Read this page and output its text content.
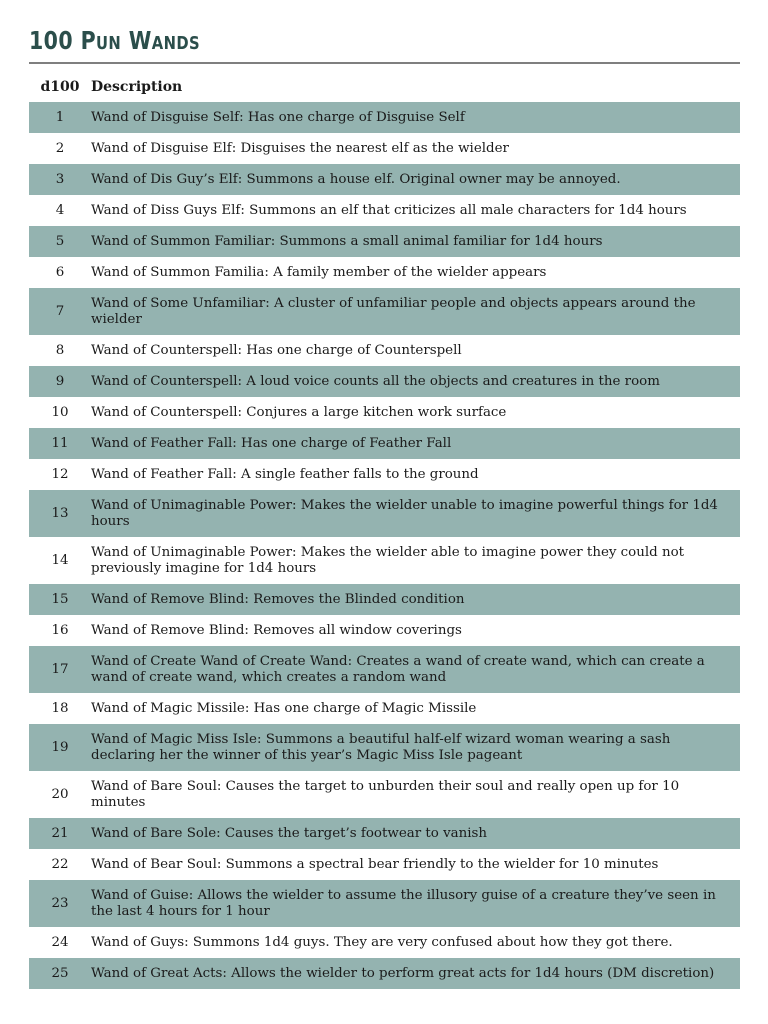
100 Pun Wands
d100	Description
1	Wand of Disguise Self: Has one charge of Disguise Self
2	Wand of Disguise Elf: Disguises the nearest elf as the wielder
3	Wand of Dis Guy’s Elf: Summons a house elf. Original owner may be annoyed.
4	Wand of Diss Guys Elf: Summons an elf that criticizes all male characters for 1d4 hours
5	Wand of Summon Familiar: Summons a small animal familiar for 1d4 hours
6	Wand of Summon Familia: A family member of the wielder appears
7	Wand of Some Unfamiliar: A cluster of unfamiliar people and objects appears around the wielder
8	Wand of Counterspell: Has one charge of Counterspell
9	Wand of Counterspell: A loud voice counts all the objects and creatures in the room
10	Wand of Counterspell: Conjures a large kitchen work surface
11	Wand of Feather Fall: Has one charge of Feather Fall
12	Wand of Feather Fall: A single feather falls to the ground
13	Wand of Unimaginable Power: Makes the wielder unable to imagine powerful things for 1d4 hours
14	Wand of Unimaginable Power: Makes the wielder able to imagine power they could not previously imagine for 1d4 hours
15	Wand of Remove Blind: Removes the Blinded condition
16	Wand of Remove Blind: Removes all window coverings
17	Wand of Create Wand of Create Wand: Creates a wand of create wand, which can create a wand of create wand, which creates a random wand
18	Wand of Magic Missile: Has one charge of Magic Missile
19	Wand of Magic Miss Isle: Summons a beautiful half-elf wizard woman wearing a sash declaring her the winner of this year’s Magic Miss Isle pageant
20	Wand of Bare Soul: Causes the target to unburden their soul and really open up for 10 minutes
21	Wand of Bare Sole: Causes the target’s footwear to vanish
22	Wand of Bear Soul: Summons a spectral bear friendly to the wielder for 10 minutes
23	Wand of Guise: Allows the wielder to assume the illusory guise of a creature they’ve seen in the last 4 hours for 1 hour
24	Wand of Guys: Summons 1d4 guys. They are very confused about how they got there.
25	Wand of Great Acts: Allows the wielder to perform great acts for 1d4 hours (DM discretion)
